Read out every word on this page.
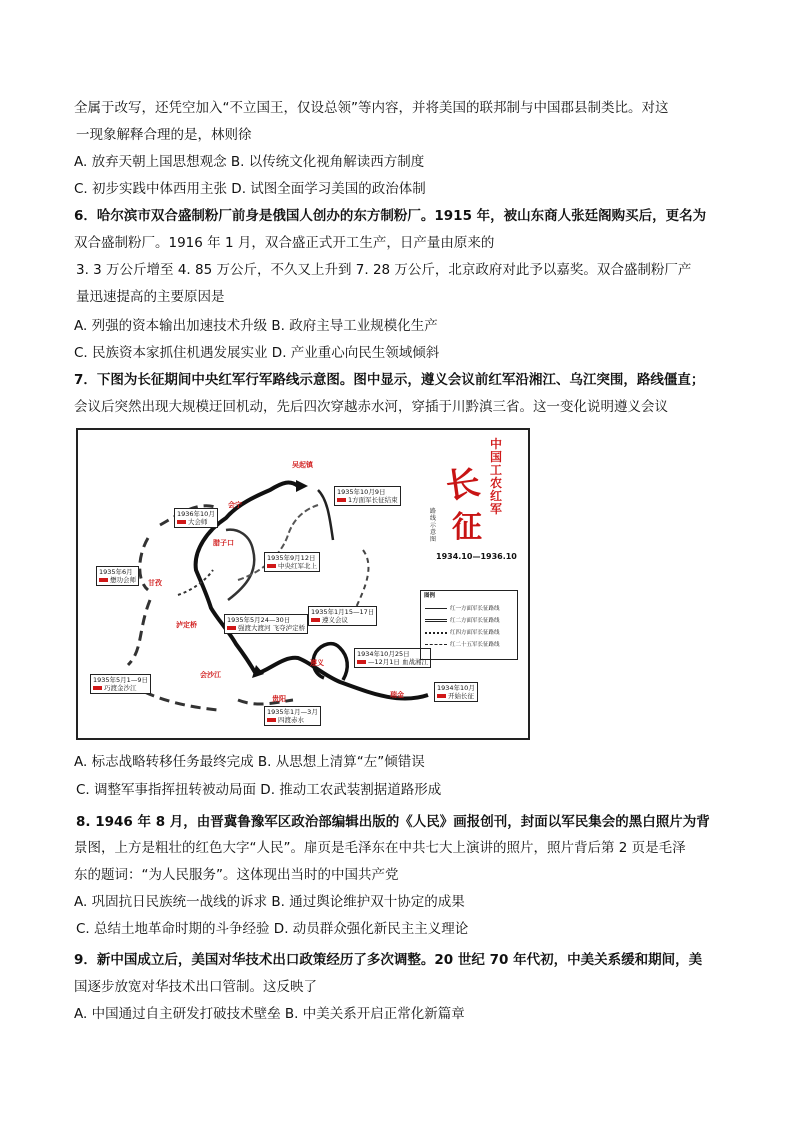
全属于改写，还凭空加入“不立国王，仅设总领”等内容，并将美国的联邦制与中国郡县制类比。对这
一现象解释合理的是，林则徐
A. 放弃天朝上国思想观念 B. 以传统文化视角解读西方制度
C. 初步实践中体西用主张 D. 试图全面学习美国的政治体制
6．哈尔滨市双合盛制粉厂前身是俄国人创办的东方制粉厂。1915 年，被山东商人张廷阁购买后，更名为
双合盛制粉厂。1916 年 1 月，双合盛正式开工生产，日产量由原来的
3. 3 万公斤增至 4. 85 万公斤，不久又上升到 7. 28 万公斤，北京政府对此予以嘉奖。双合盛制粉厂产
量迅速提高的主要原因是
A. 列强的资本输出加速技术升级 B. 政府主导工业规模化生产
C. 民族资本家抓住机遇发展实业 D. 产业重心向民生领域倾斜
7．下图为长征期间中央红军行军路线示意图。图中显示，遵义会议前红军沿湘江、乌江突围，路线僵直；
会议后突然出现大规模迂回机动，先后四次穿越赤水河，穿插于川黔滇三省。这一变化说明遵义会议
吴起镇
会宁
腊子口
甘孜
泸定桥
会沙江
遵义
贵阳	瑞金
1935年10月9日
1方面军长征结束
1936年10月
大会师
1935年6月
懋功会师
1935年9月12日
中央红军北上
1935年5月24—30日
强渡大渡河 飞夺泸定桥
1935年1月15—17日
遵义会议
1934年10月25日
—12月1日 血战湘江
1935年5月1—9日
巧渡金沙江	1934年10月
开始长征
1935年1月—3月
四渡赤水
中国工农红军
长
征
路线示意图
1934.10—1936.10
图例
红一方面军长征路线
红二方面军长征路线
红四方面军长征路线
红二十五军长征路线
A. 标志战略转移任务最终完成 B. 从思想上清算“左”倾错误
C. 调整军事指挥扭转被动局面 D. 推动工农武装割据道路形成
8. 1946 年 8 月，由晋冀鲁豫军区政治部编辑出版的《人民》画报创刊，封面以军民集会的黑白照片为背
景图，上方是粗壮的红色大字“人民”。扉页是毛泽东在中共七大上演讲的照片，照片背后第 2 页是毛泽
东的题词：“为人民服务”。这体现出当时的中国共产党
A. 巩固抗日民族统一战线的诉求 B. 通过舆论维护双十协定的成果
C. 总结土地革命时期的斗争经验 D. 动员群众强化新民主主义理论
9．新中国成立后，美国对华技术出口政策经历了多次调整。20 世纪 70 年代初，中美关系缓和期间，美
国逐步放宽对华技术出口管制。这反映了
A. 中国通过自主研发打破技术壁垒 B. 中美关系开启正常化新篇章
